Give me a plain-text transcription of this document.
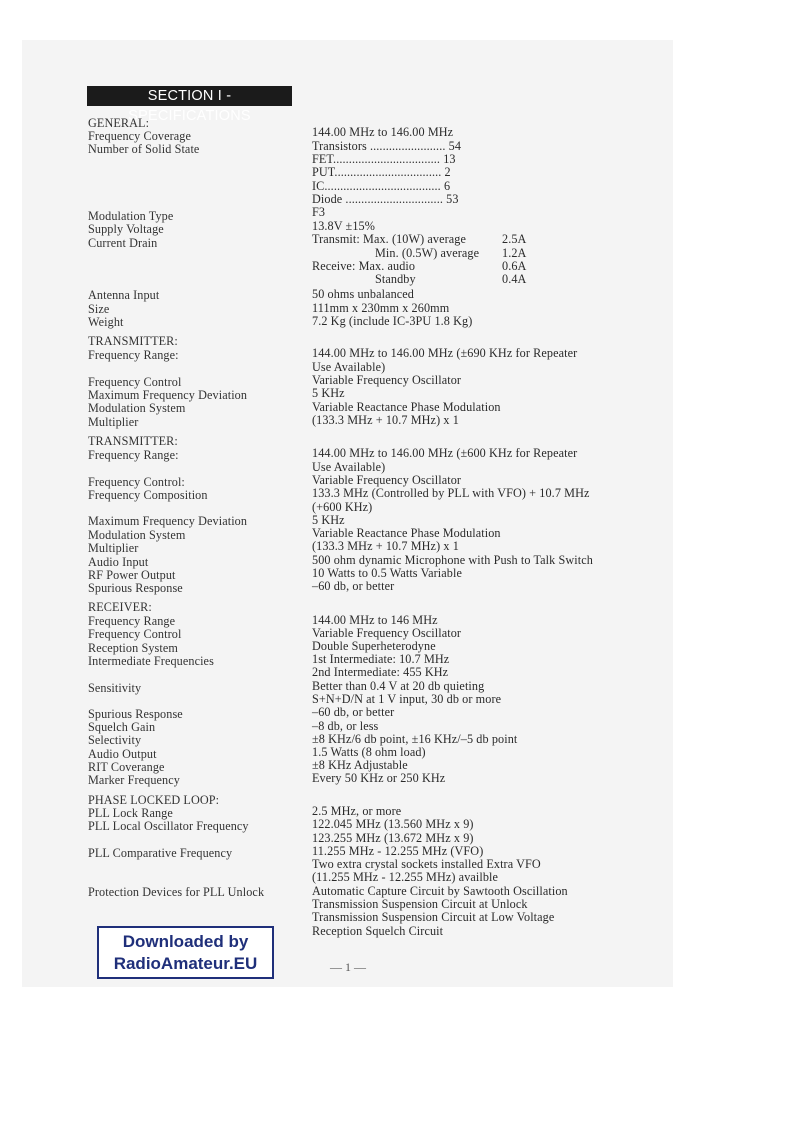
SECTION I - SPECIFICATIONS
GENERAL:
Frequency Coverage
Number of Solid State
Modulation Type
Supply Voltage
Current Drain
Antenna Input
Size
Weight
TRANSMITTER:
Frequency Range:
Frequency Control
Maximum Frequency Deviation
Modulation System
Multiplier
TRANSMITTER:
Frequency Range:
Frequency Control:
Frequency Composition
Maximum Frequency Deviation
Modulation System
Multiplier
Audio Input
RF Power Output
Spurious Response
RECEIVER:
Frequency Range
Frequency Control
Reception System
Intermediate Frequencies
Sensitivity
Spurious Response
Squelch Gain
Selectivity
Audio Output
RIT Coverange
Marker Frequency
PHASE LOCKED LOOP:
PLL Lock Range
PLL Local Oscillator Frequency
PLL Comparative Frequency
Protection Devices for PLL Unlock
144.00 MHz to 146.00 MHz
Transistors ........................ 54
FET.................................. 13
PUT.................................. 2
IC..................................... 6
Diode ............................... 53
F3
13.8V ±15%
Transmit: Max. (10W) average
Min. (0.5W) average
Receive: Max. audio
Standby
50 ohms unbalanced
111mm x 230mm x 260mm
7.2 Kg (include IC-3PU 1.8 Kg)
144.00 MHz to 146.00 MHz (±690 KHz for Repeater
Use Available)
Variable Frequency Oscillator
5 KHz
Variable Reactance Phase Modulation
(133.3 MHz + 10.7 MHz) x 1
144.00 MHz to 146.00 MHz (±600 KHz for Repeater
Use Available)
Variable Frequency Oscillator
133.3 MHz (Controlled by PLL with VFO) + 10.7 MHz
(+600 KHz)
5 KHz
Variable Reactance Phase Modulation
(133.3 MHz + 10.7 MHz) x 1
500 ohm dynamic Microphone with Push to Talk Switch
10 Watts to 0.5 Watts Variable
–60 db, or better
144.00 MHz to 146 MHz
Variable Frequency Oscillator
Double Superheterodyne
1st Intermediate: 10.7 MHz
2nd Intermediate: 455 KHz
Better than 0.4 V at 20 db quieting
S+N+D/N at 1 V input, 30 db or more
–60 db, or better
–8 db, or less
±8 KHz/6 db point, ±16 KHz/–5 db point
1.5 Watts (8 ohm load)
±8 KHz Adjustable
Every 50 KHz or 250 KHz
2.5 MHz, or more
122.045 MHz (13.560 MHz x 9)
123.255 MHz (13.672 MHz x 9)
11.255 MHz - 12.255 MHz (VFO)
Two extra crystal sockets installed Extra VFO
(11.255 MHz - 12.255 MHz) availble
Automatic Capture Circuit by Sawtooth Oscillation
Transmission Suspension Circuit at Unlock
Transmission Suspension Circuit at Low Voltage
Reception Squelch Circuit
2.5A
1.2A
0.6A
0.4A
Downloaded by
RadioAmateur.EU	— 1 —
